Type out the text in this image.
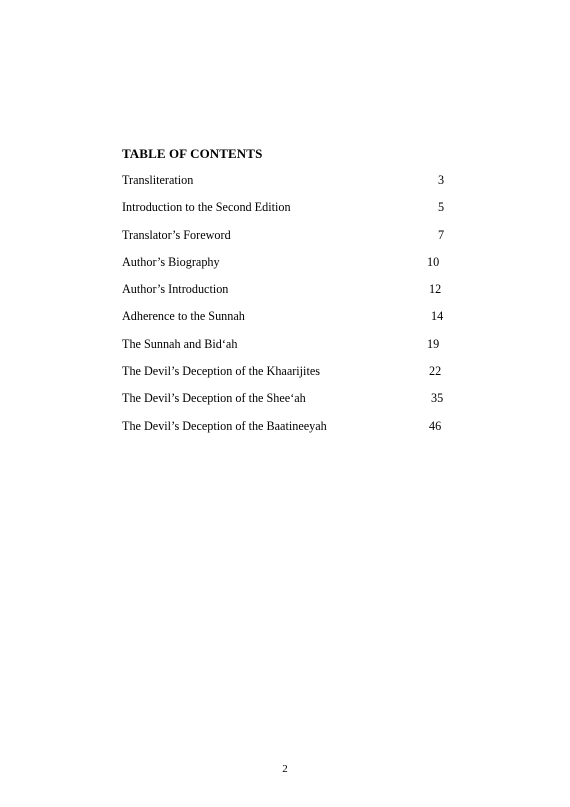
TABLE OF CONTENTS
Transliteration	3
Introduction to the Second Edition	5
Translator’s Foreword	7
Author’s Biography	10
Author’s Introduction	12
Adherence to the Sunnah	14
The Sunnah and Bid‘ah	19
The Devil’s Deception of the Khaarijites	22
The Devil’s Deception of the Shee‘ah	35
The Devil’s Deception of the Baatineeyah	46
2
